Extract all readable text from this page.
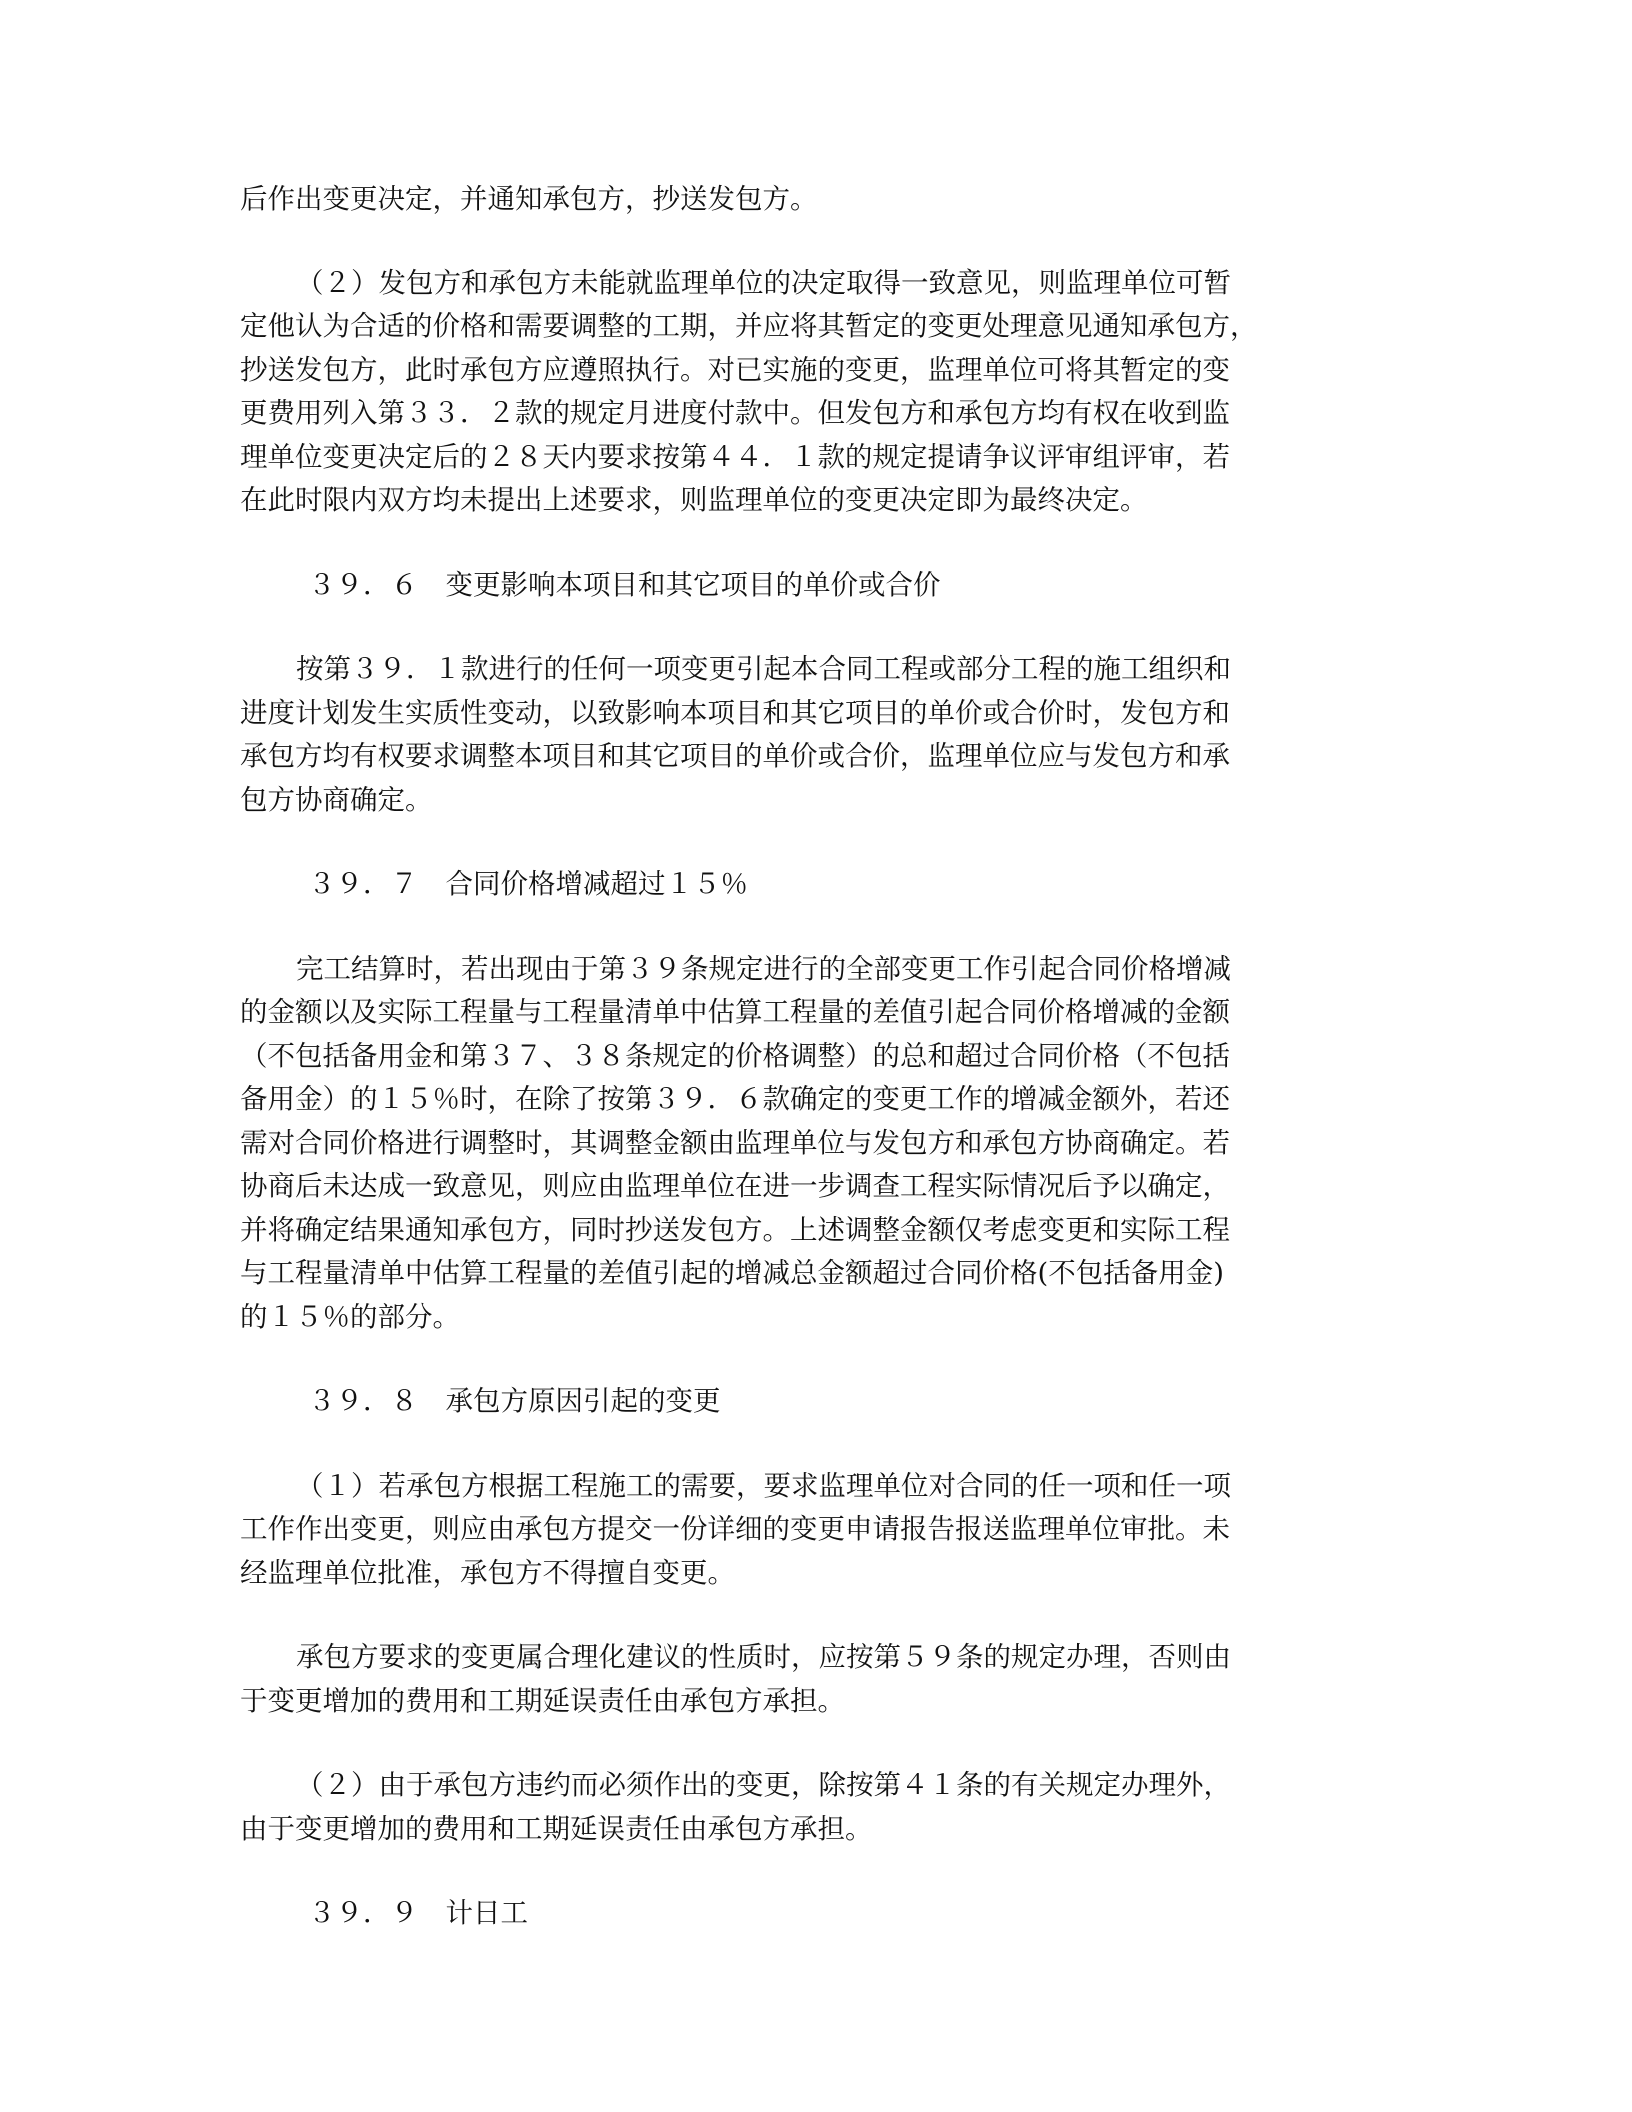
后作出变更决定，并通知承包方，抄送发包方。
（２）发包方和承包方未能就监理单位的决定取得一致意见，则监理单位可暂
定他认为合适的价格和需要调整的工期，并应将其暂定的变更处理意见通知承包方，
抄送发包方，此时承包方应遵照执行。对已实施的变更，监理单位可将其暂定的变
更费用列入第３３．２款的规定月进度付款中。但发包方和承包方均有权在收到监
理单位变更决定后的２８天内要求按第４４．１款的规定提请争议评审组评审，若
在此时限内双方均未提出上述要求，则监理单位的变更决定即为最终决定。
３９．６　变更影响本项目和其它项目的单价或合价
按第３９．１款进行的任何一项变更引起本合同工程或部分工程的施工组织和
进度计划发生实质性变动，以致影响本项目和其它项目的单价或合价时，发包方和
承包方均有权要求调整本项目和其它项目的单价或合价，监理单位应与发包方和承
包方协商确定。
３９．７　合同价格增减超过１５％
完工结算时，若出现由于第３９条规定进行的全部变更工作引起合同价格增减
的金额以及实际工程量与工程量清单中估算工程量的差值引起合同价格增减的金额
（不包括备用金和第３７、３８条规定的价格调整）的总和超过合同价格（不包括
备用金）的１５％时，在除了按第３９．６款确定的变更工作的增减金额外，若还
需对合同价格进行调整时，其调整金额由监理单位与发包方和承包方协商确定。若
协商后未达成一致意见，则应由监理单位在进一步调查工程实际情况后予以确定，
并将确定结果通知承包方，同时抄送发包方。上述调整金额仅考虑变更和实际工程
与工程量清单中估算工程量的差值引起的增减总金额超过合同价格(不包括备用金)
的１５％的部分。
３９．８　承包方原因引起的变更
（１）若承包方根据工程施工的需要，要求监理单位对合同的任一项和任一项
工作作出变更，则应由承包方提交一份详细的变更申请报告报送监理单位审批。未
经监理单位批准，承包方不得擅自变更。
承包方要求的变更属合理化建议的性质时，应按第５９条的规定办理，否则由
于变更增加的费用和工期延误责任由承包方承担。
（２）由于承包方违约而必须作出的变更，除按第４１条的有关规定办理外，
由于变更增加的费用和工期延误责任由承包方承担。
３９．９　计日工
